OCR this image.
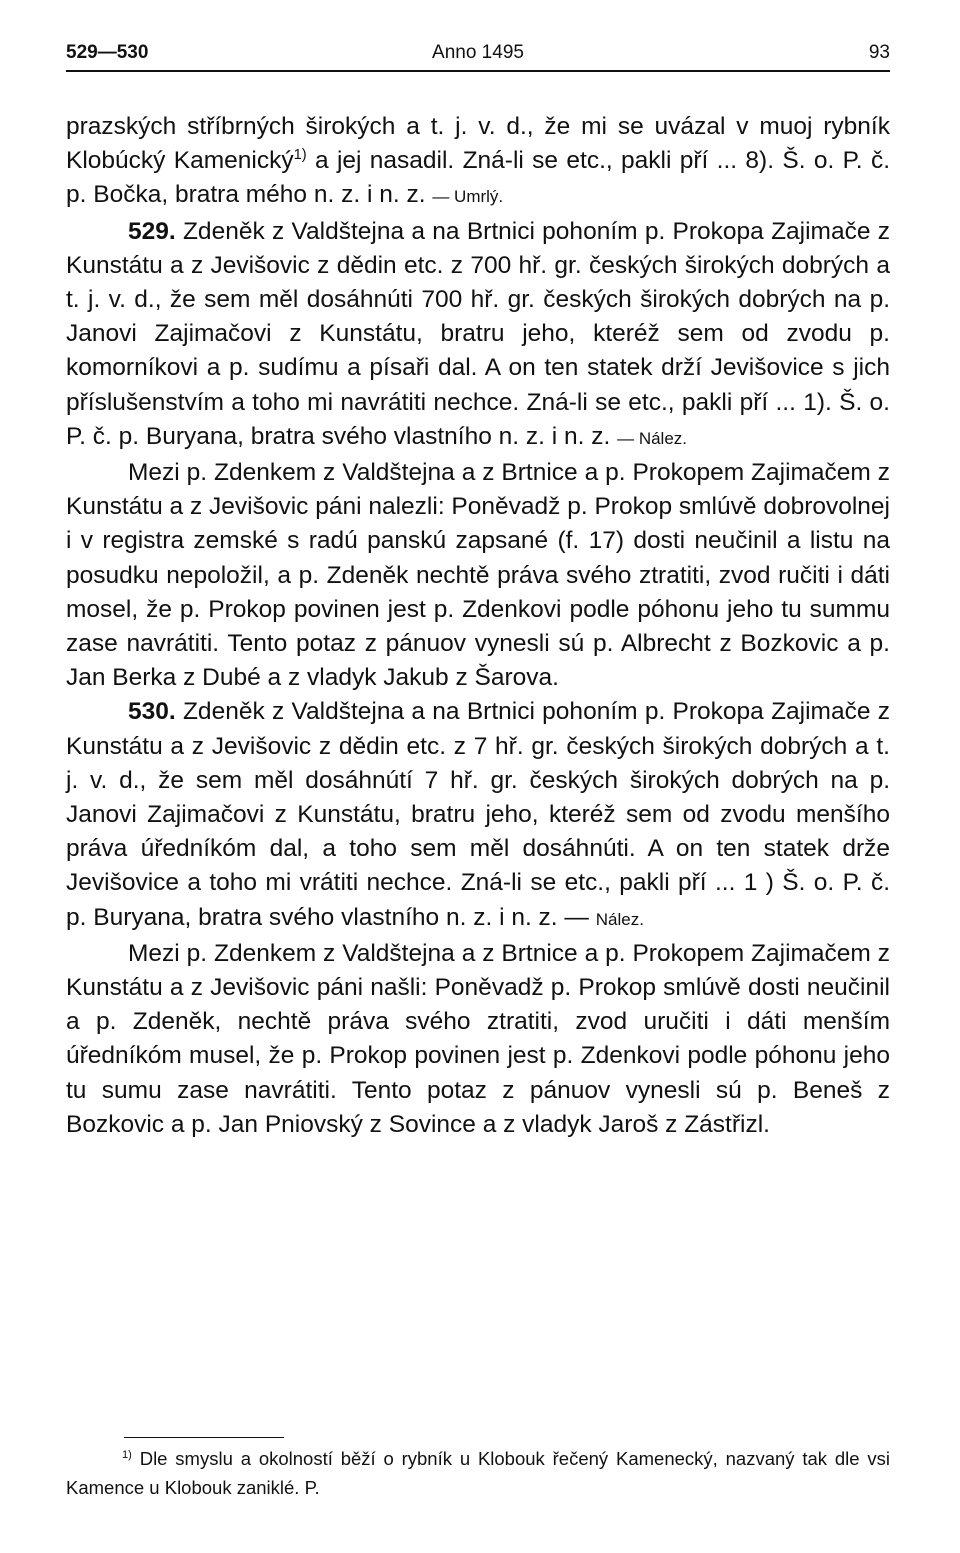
529—530	Anno 1495	93

prazských stříbrných širokých a t. j. v. d., že mi se uvázal v muoj rybník Klobúcký Kamenický$^{1)}$ a jej nasadil. Zná-li se etc., pakli pří ... 8). Š. o. P. č. p. Bočka, bratra mého n. z. i n. z. — Umrlý.

529. Zdeněk z Valdštejna a na Brtnici pohoním p. Prokopa Zajimače z Kunstátu a z Jevišovic z dědin etc. z 700 hř. gr. českých širokých dobrých a t. j. v. d., že sem měl dosáhnúti 700 hř. gr. českých širokých dobrých na p. Janovi Zajimačovi z Kunstátu, bratru jeho, kteréž sem od zvodu p. komorníkovi a p. sudímu a písaři dal. A on ten statek drží Jevišovice s jich příslušenstvím a toho mi navrátiti nechce. Zná-li se etc., pakli pří ... 1). Š. o. P. č. p. Buryana, bratra svého vlastního n. z. i n. z. — Nález.

Mezi p. Zdenkem z Valdštejna a z Brtnice a p. Prokopem Zajimačem z Kunstátu a z Jevišovic páni nalezli: Poněvadž p. Prokop smlúvě dobrovolnej i v registra zemské s radú panskú zapsané (f. 17) dosti neučinil a listu na posudku nepoložil, a p. Zdeněk nechtě práva svého ztratiti, zvod ručiti i dáti mosel, že p. Prokop povinen jest p. Zdenkovi podle póhonu jeho tu summu zase navrátiti. Tento potaz z pánuov vynesli sú p. Albrecht z Bozkovic a p. Jan Berka z Dubé a z vladyk Jakub z Šarova.

530. Zdeněk z Valdštejna a na Brtnici pohoním p. Prokopa Zajimače z Kunstátu a z Jevišovic z dědin etc. z 7 hř. gr. českých širokých dobrých a t. j. v. d., že sem měl dosáhnútí 7 hř. gr. českých širokých dobrých na p. Janovi Zajimačovi z Kunstátu, bratru jeho, kteréž sem od zvodu menšího práva úředníkóm dal, a toho sem měl dosáhnúti. A on ten statek drže Jevišovice a toho mi vrátiti nechce. Zná-li se etc., pakli pří ... 1 ) Š. o. P. č. p. Buryana, bratra svého vlastního n. z. i n. z. — Nález.

Mezi p. Zdenkem z Valdštejna a z Brtnice a p. Prokopem Zajimačem z Kunstátu a z Jevišovic páni našli: Poněvadž p. Prokop smlúvě dosti neučinil a p. Zdeněk, nechtě práva svého ztratiti, zvod uručiti i dáti menším úředníkóm musel, že p. Prokop povinen jest p. Zdenkovi podle póhonu jeho tu sumu zase navrátiti. Tento potaz z pánuov vynesli sú p. Beneš z Bozkovic a p. Jan Pniovský z Sovince a z vladyk Jaroš z Zástřizl.

$^{1)}$ Dle smyslu a okolností běží o rybník u Klobouk řečený Kamenecký, nazvaný tak dle vsi Kamence u Klobouk zaniklé. P.
